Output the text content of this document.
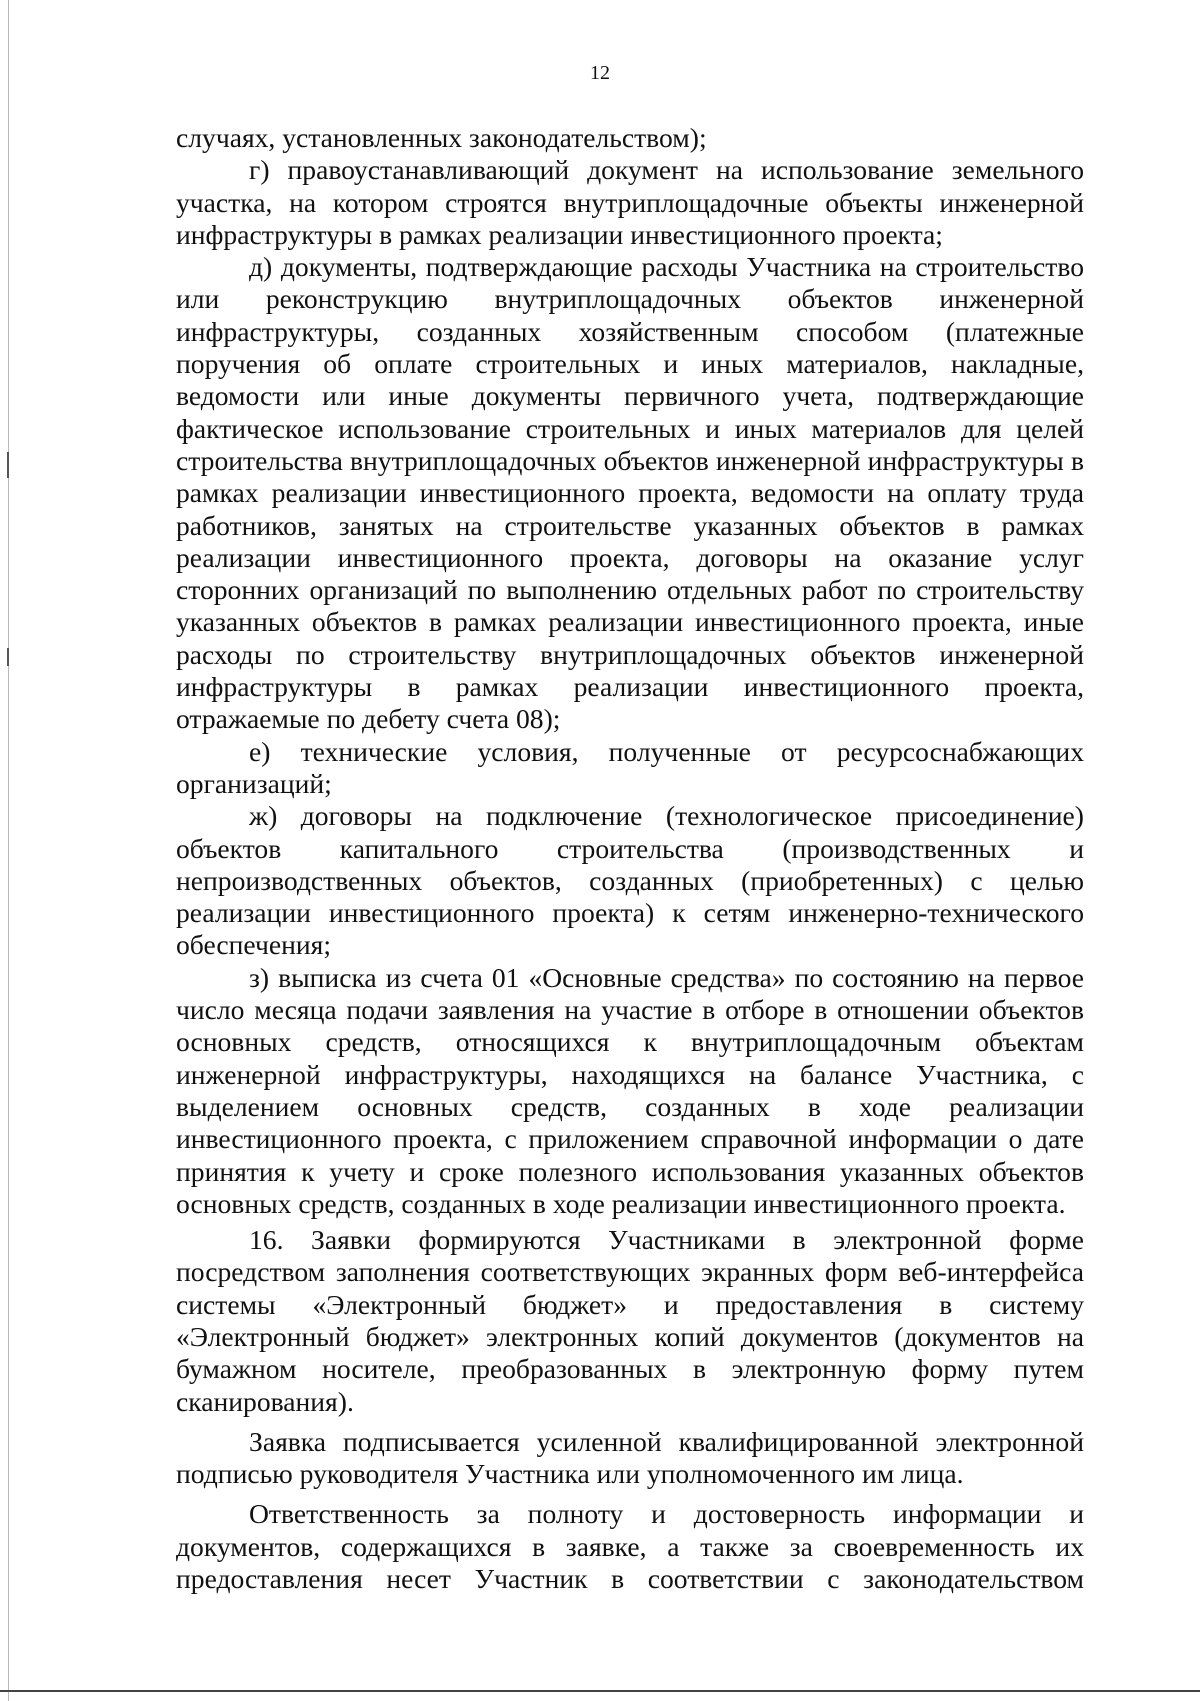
12

случаях, установленных законодательством);

г) правоустанавливающий документ на использование земельного участка, на котором строятся внутриплощадочные объекты инженерной инфраструктуры в рамках реализации инвестиционного проекта;

д) документы, подтверждающие расходы Участника на строительство или реконструкцию внутриплощадочных объектов инженерной инфраструктуры, созданных хозяйственным способом (платежные поручения об оплате строительных и иных материалов, накладные, ведомости или иные документы первичного учета, подтверждающие фактическое использование строительных и иных материалов для целей строительства внутриплощадочных объектов инженерной инфраструктуры в рамках реализации инвестиционного проекта, ведомости на оплату труда работников, занятых на строительстве указанных объектов в рамках реализации инвестиционного проекта, договоры на оказание услуг сторонних организаций по выполнению отдельных работ по строительству указанных объектов в рамках реализации инвестиционного проекта, иные расходы по строительству внутриплощадочных объектов инженерной инфраструктуры в рамках реализации инвестиционного проекта, отражаемые по дебету счета 08);

е) технические условия, полученные от ресурсоснабжающих организаций;

ж) договоры на подключение (технологическое присоединение) объектов капитального строительства (производственных и непроизводственных объектов, созданных (приобретенных) с целью реализации инвестиционного проекта) к сетям инженерно-технического обеспечения;

з) выписка из счета 01 «Основные средства» по состоянию на первое число месяца подачи заявления на участие в отборе в отношении объектов основных средств, относящихся к внутриплощадочным объектам инженерной инфраструктуры, находящихся на балансе Участника, с выделением основных средств, созданных в ходе реализации инвестиционного проекта, с приложением справочной информации о дате принятия к учету и сроке полезного использования указанных объектов основных средств, созданных в ходе реализации инвестиционного проекта.

16. Заявки формируются Участниками в электронной форме посредством заполнения соответствующих экранных форм веб-интерфейса системы «Электронный бюджет» и предоставления в систему «Электронный бюджет» электронных копий документов (документов на бумажном носителе, преобразованных в электронную форму путем сканирования).

Заявка подписывается усиленной квалифицированной электронной подписью руководителя Участника или уполномоченного им лица.

Ответственность за полноту и достоверность информации и документов, содержащихся в заявке, а также за своевременность их предоставления несет Участник в соответствии с законодательством
